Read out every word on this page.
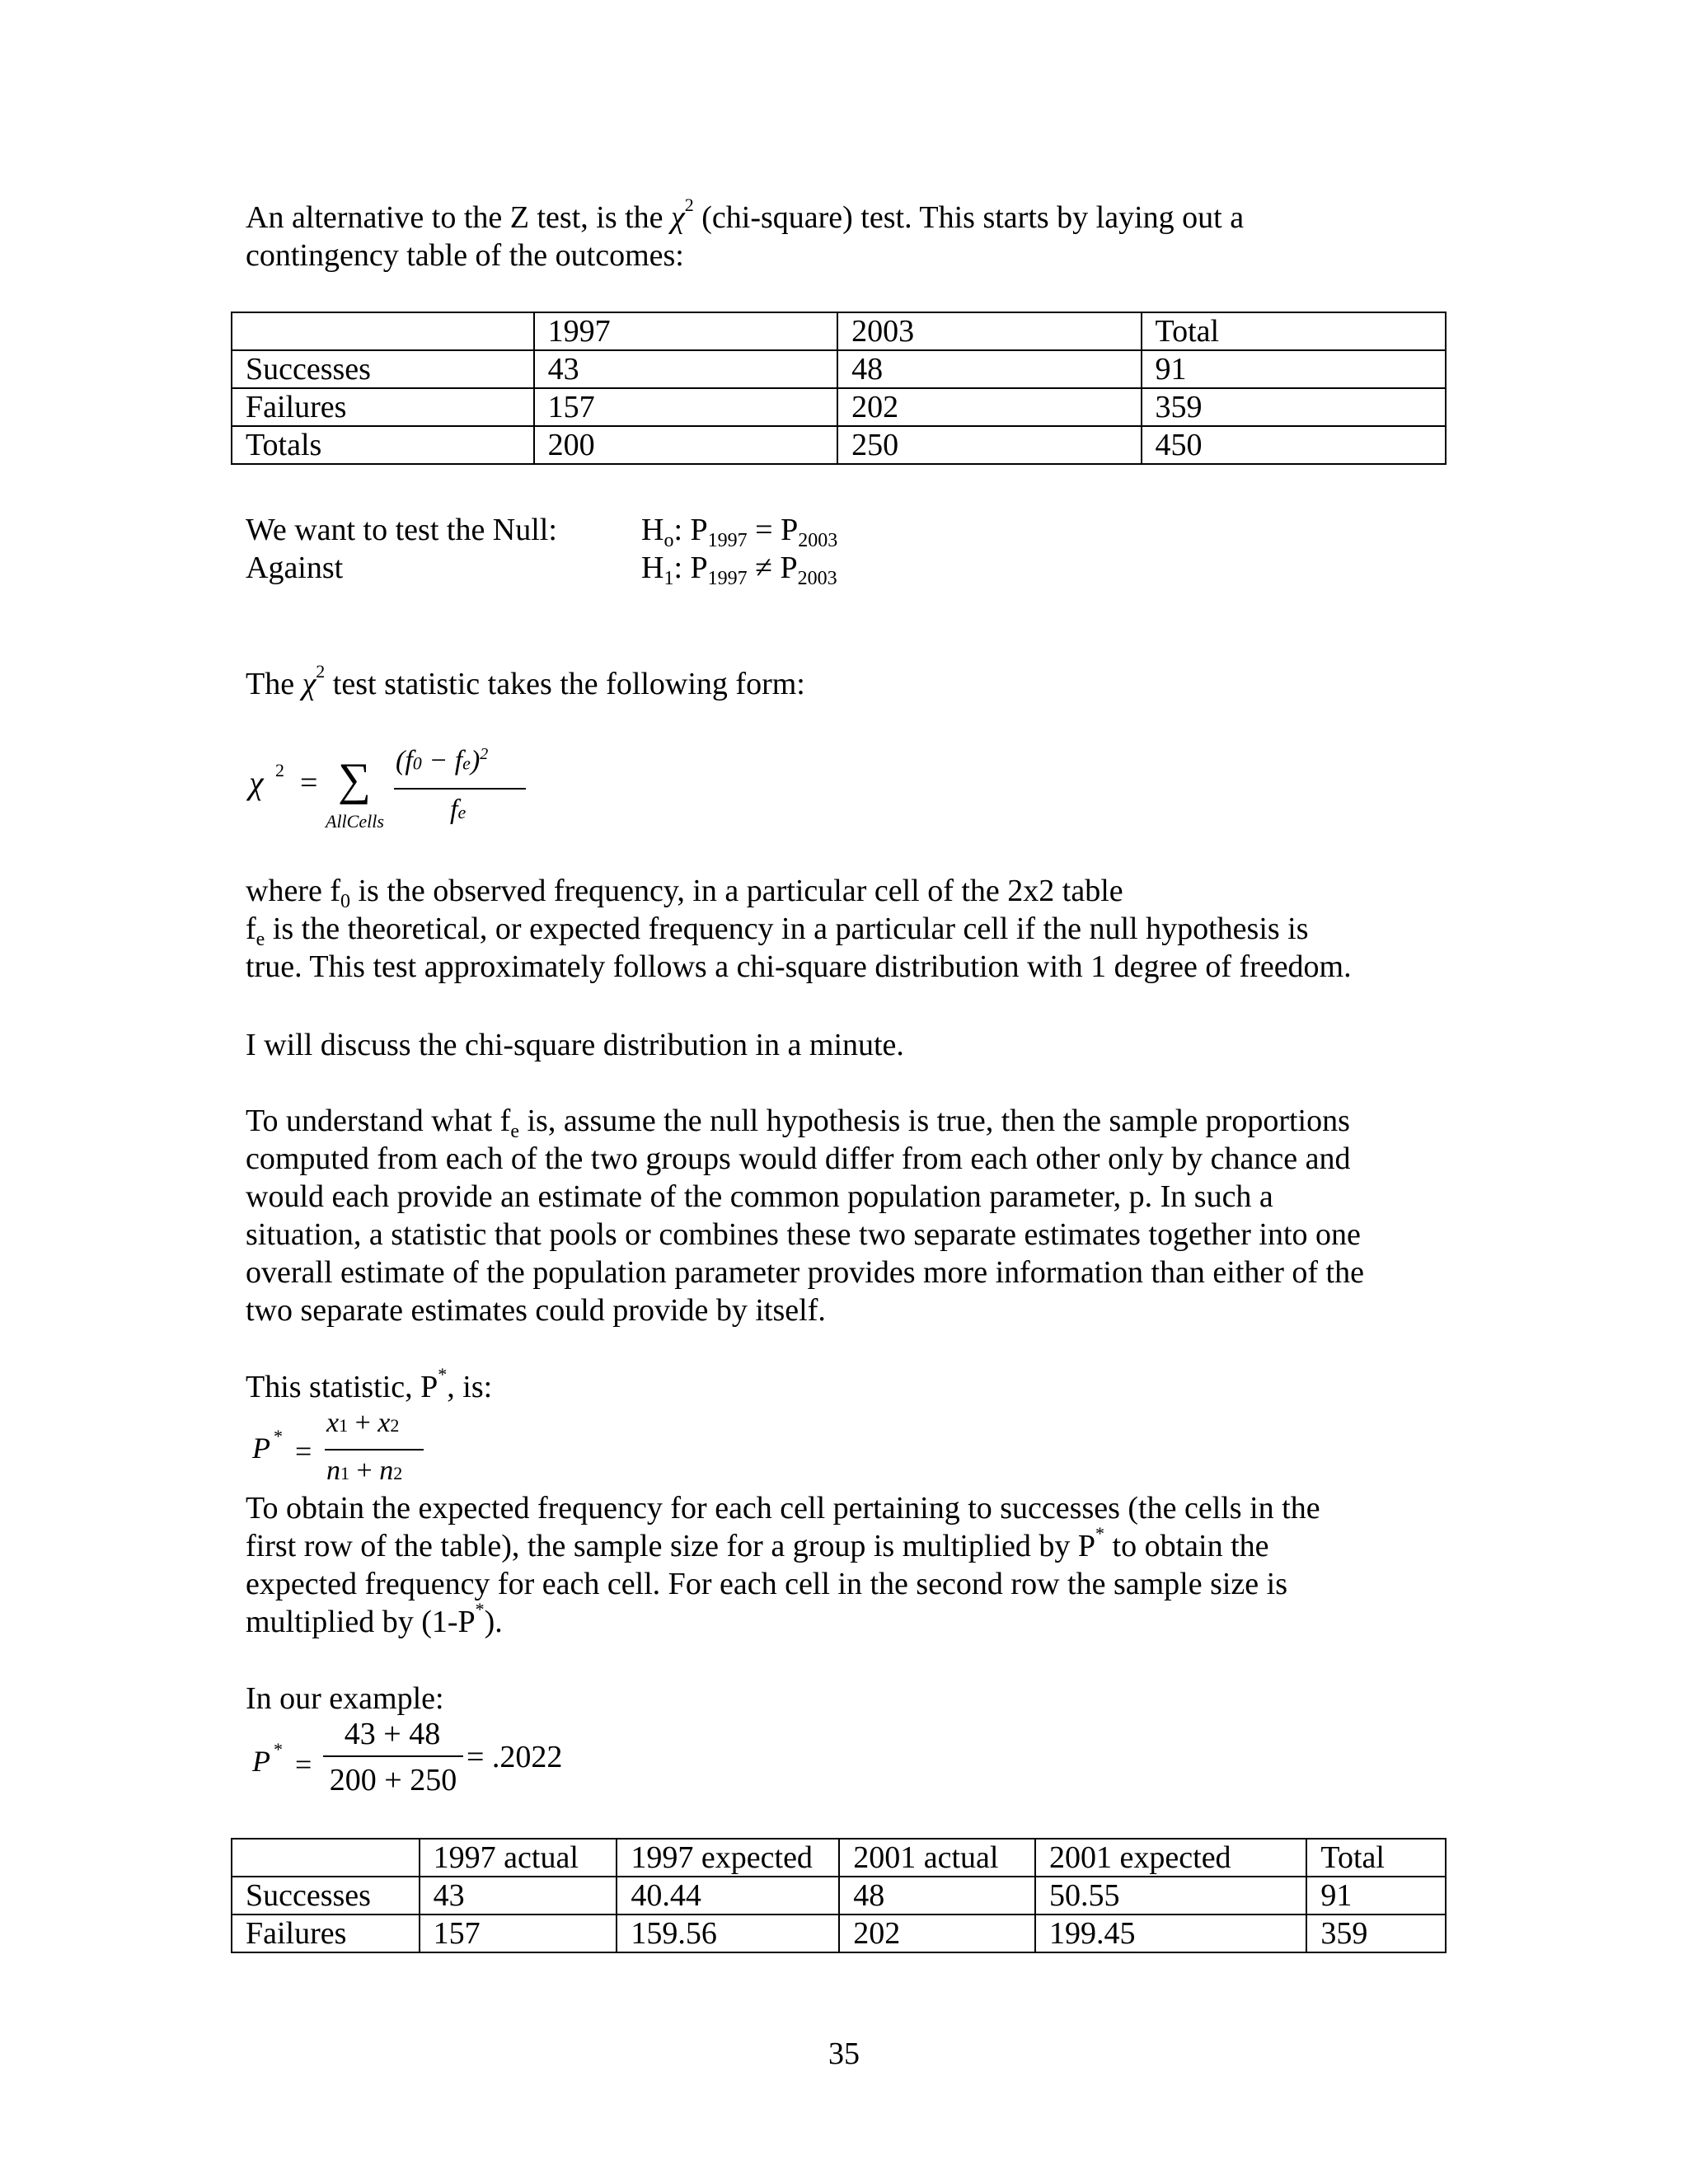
An alternative to the Z test, is the $\chi^2$ (chi-square) test. This starts by laying out a
contingency table of the outcomes:
	1997	2003	Total
Successes	43	48	91
Failures	157	202	359
Totals	200	250	450
We want to test the Null:
Against
$H_o$: $P_{1997} = P_{2003}$
$H_1$: $P_{1997} \ne P_{2003}$
The $\chi^2$ test statistic takes the following form:
χ 2 = ∑
AllCells
(f0 − fe)$^2$
fe
where $f_0$ is the observed frequency, in a particular cell of the 2x2 table
$f_e$ is the theoretical, or expected frequency in a particular cell if the null hypothesis is
true. This test approximately follows a chi-square distribution with 1 degree of freedom.
I will discuss the chi-square distribution in a minute.
To understand what $f_e$ is, assume the null hypothesis is true, then the sample proportions
computed from each of the two groups would differ from each other only by chance and
would each provide an estimate of the common population parameter, p. In such a
situation, a statistic that pools or combines these two separate estimates together into one
overall estimate of the population parameter provides more information than either of the
two separate estimates could provide by itself.
This statistic, P*, is:
P * =
x1 + x2
n1 + n2
To obtain the expected frequency for each cell pertaining to successes (the cells in the
first row of the table), the sample size for a group is multiplied by P* to obtain the
expected frequency for each cell. For each cell in the second row the sample size is
multiplied by (1-P*).
In our example:
P * =
43 + 48
200 + 250
= .2022
	1997 actual	1997 expected	2001 actual	2001 expected	Total
Successes	43	40.44	48	50.55	91
Failures	157	159.56	202	199.45	359
35
